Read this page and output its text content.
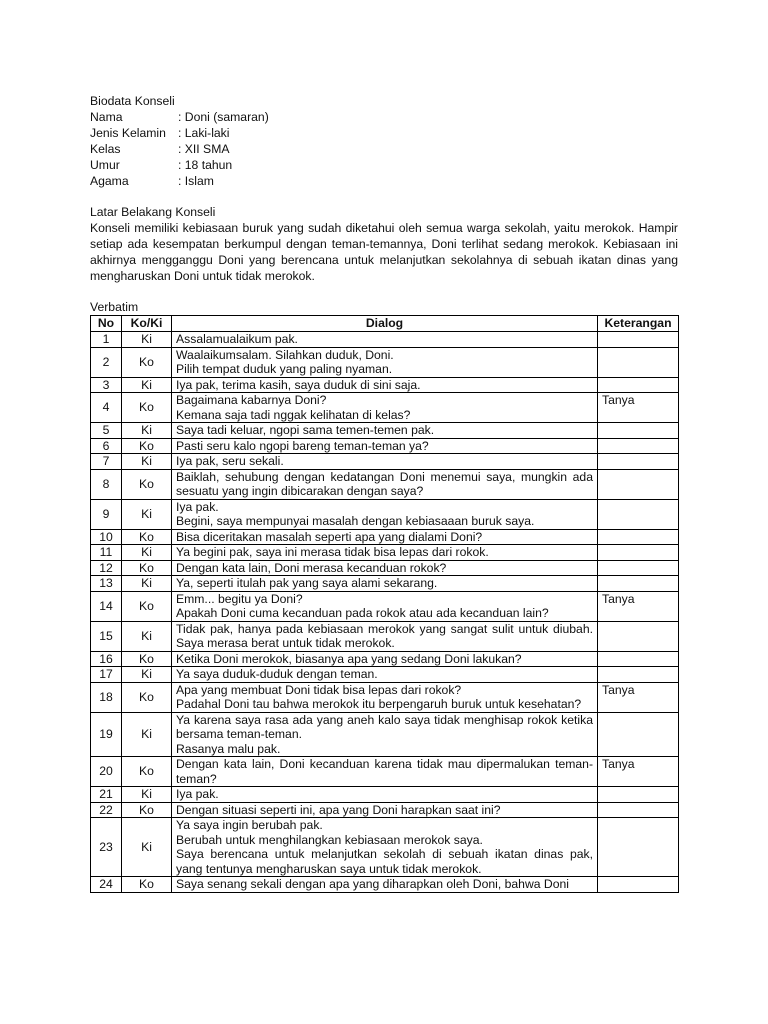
Biodata Konseli
Nama	: Doni (samaran)
Jenis Kelamin : Laki-laki
Kelas	: XII SMA
Umur	: 18 tahun
Agama	: Islam
Latar Belakang Konseli
Konseli memiliki kebiasaan buruk yang sudah diketahui oleh semua warga sekolah, yaitu merokok. Hampir setiap ada kesempatan berkumpul dengan teman-temannya, Doni terlihat sedang merokok. Kebiasaan ini akhirnya mengganggu Doni yang berencana untuk melanjutkan sekolahnya di sebuah ikatan dinas yang mengharuskan Doni untuk tidak merokok.
Verbatim
No	Ko/Ki	Dialog	Keterangan
1	Ki	Assalamualaikum pak.	

2	Ko	Waalaikumsalam. Silahkan duduk, Doni.
Pilih tempat duduk yang paling nyaman.	

3	Ki	Iya pak, terima kasih, saya duduk di sini saja.	

4	Ko	Bagaimana kabarnya Doni?
Kemana saja tadi nggak kelihatan di kelas?	Tanya
5	Ki	Saya tadi keluar, ngopi sama temen-temen pak.	

6	Ko	Pasti seru kalo ngopi bareng teman-teman ya?	

7	Ki	Iya pak, seru sekali.	

8	Ko	Baiklah, sehubung dengan kedatangan Doni menemui saya, mungkin ada sesuatu yang ingin dibicarakan dengan saya?	

9	Ki	Iya pak.
Begini, saya mempunyai masalah dengan kebiasaaan buruk saya.	

10	Ko	Bisa diceritakan masalah seperti apa yang dialami Doni?	

11	Ki	Ya begini pak, saya ini merasa tidak bisa lepas dari rokok.	

12	Ko	Dengan kata lain, Doni merasa kecanduan rokok?	

13	Ki	Ya, seperti itulah pak yang saya alami sekarang.	

14	Ko	Emm... begitu ya Doni?
Apakah Doni cuma kecanduan pada rokok atau ada kecanduan lain?	Tanya
15	Ki	Tidak pak, hanya pada kebiasaan merokok yang sangat sulit untuk diubah. Saya merasa berat untuk tidak merokok.	

16	Ko	Ketika Doni merokok, biasanya apa yang sedang Doni lakukan?	

17	Ki	Ya saya duduk-duduk dengan teman.	

18	Ko	Apa yang membuat Doni tidak bisa lepas dari rokok?
Padahal Doni tau bahwa merokok itu berpengaruh buruk untuk kesehatan?	Tanya
19	Ki	Ya karena saya rasa ada yang aneh kalo saya tidak menghisap rokok ketika bersama teman-teman.
Rasanya malu pak.	

20	Ko	Dengan kata lain, Doni kecanduan karena tidak mau dipermalukan teman-teman?	Tanya
21	Ki	Iya pak.	

22	Ko	Dengan situasi seperti ini, apa yang Doni harapkan saat ini?	

23	Ki	Ya saya ingin berubah pak.
Berubah untuk menghilangkan kebiasaan merokok saya.
Saya berencana untuk melanjutkan sekolah di sebuah ikatan dinas pak, yang tentunya mengharuskan saya untuk tidak merokok.	

24	Ko	Saya senang sekali dengan apa yang diharapkan oleh Doni, bahwa Doni	
